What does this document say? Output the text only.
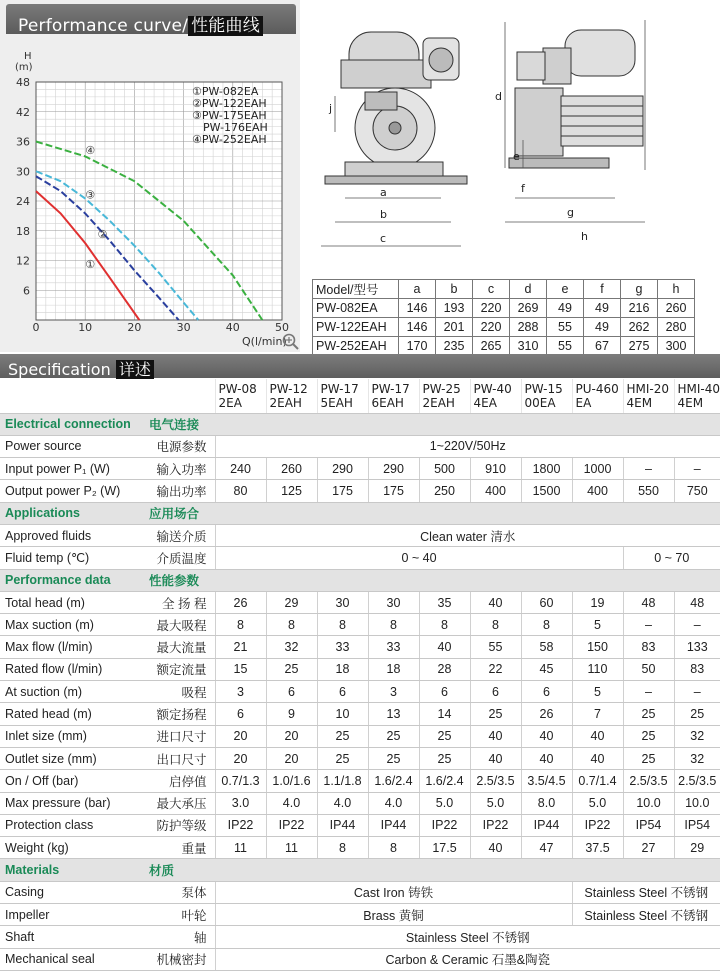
Performance curve/ 性能曲线
6
12
18
24
30
36
42
48
0	10	20	30	40	50
H
(m)
Q(l/min)
①
②
③
④
①PW-082EA
②PW-122EAH
③PW-175EAH
PW-176EAH
④PW-252EAH
a
b
c
j
d
e
f
g
h
Model/型号	a	b	c	d	e	f	g	h
PW-082EA	146	193	220	269	49	49	216	260
PW-122EAH	146	201	220	288	55	49	262	280
PW-252EAH	170	235	265	310	55	67	275	300
Specification 详述
		PW-082EA	PW-122EAH	PW-175EAH	PW-176EAH	PW-252EAH	PW-404EA	PW-1500EA	PU-460EA	HMI-204EM	HMI-404EM
Electrical connection	电气连接										
Power source	电源参数	1~220V/50Hz									
Input power P₁ (W)	输入功率	240	260	290	290	500	910	1800	1000	–	–
Output power P₂ (W)	输出功率	80	125	175	175	250	400	1500	400	550	750
Applications	应用场合										
Approved fluids	输送介质	Clean water 清水									
Fluid temp (℃)	介质温度	0 ~ 40								0 ~ 70	
Performance data	性能参数										
Total head (m)	全 扬 程	26	29	30	30	35	40	60	19	48	48
Max suction (m)	最大吸程	8	8	8	8	8	8	8	5	–	–
Max flow (l/min)	最大流量	21	32	33	33	40	55	58	150	83	133
Rated flow (l/min)	额定流量	15	25	18	18	28	22	45	110	50	83
At suction (m)	吸程	3	6	6	3	6	6	6	5	–	–
Rated head (m)	额定扬程	6	9	10	13	14	25	26	7	25	25
Inlet size (mm)	进口尺寸	20	20	25	25	25	40	40	40	25	32
Outlet size (mm)	出口尺寸	20	20	25	25	25	40	40	40	25	32
On / Off (bar)	启停值	0.7/1.3	1.0/1.6	1.1/1.8	1.6/2.4	1.6/2.4	2.5/3.5	3.5/4.5	0.7/1.4	2.5/3.5	2.5/3.5
Max pressure (bar)	最大承压	3.0	4.0	4.0	4.0	5.0	5.0	8.0	5.0	10.0	10.0
Protection class	防护等级	IP22	IP22	IP44	IP44	IP22	IP22	IP44	IP22	IP54	IP54
Weight (kg)	重量	11	11	8	8	17.5	40	47	37.5	27	29
Materials	材质										
Casing	泵体	Cast Iron 铸铁							Stainless Steel 不锈钢		
Impeller	叶轮	Brass 黄铜							Stainless Steel 不锈钢		
Shaft	轴	Stainless Steel 不锈钢									
Mechanical seal	机械密封	Carbon & Ceramic 石墨&陶瓷									
